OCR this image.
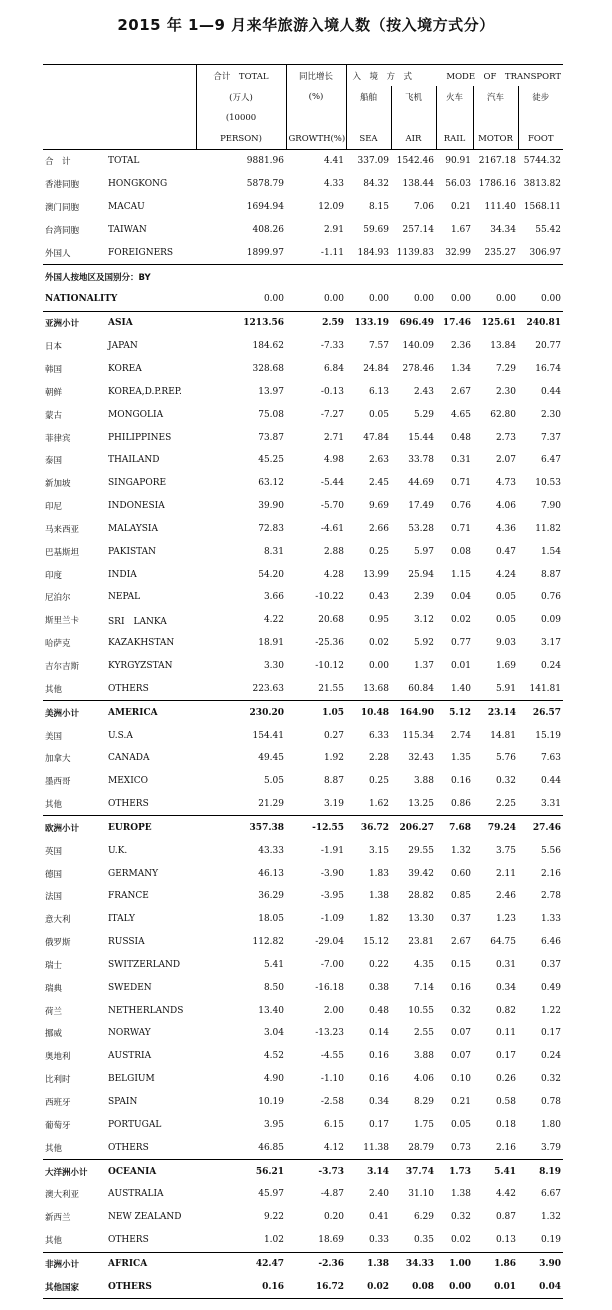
2015 年 1—9 月来华旅游入境人数（按入境方式分）
		合计　TOTAL	同比增长	入　境　方　式 MODE　OF　TRANSPORT				

		(万人)	(%)	船舶	飞机	火车	汽车	徒步
		(10000						
		PERSON)	GROWTH(%)	SEA	AIR	RAIL	MOTOR	FOOT
合　计	TOTAL	9881.96	4.41	337.09	1542.46	90.91	2167.18	5744.32
香港同胞	HONGKONG	5878.79	4.33	84.32	138.44	56.03	1786.16	3813.82
澳门同胞	MACAU	1694.94	12.09	8.15	7.06	0.21	111.40	1568.11
台湾同胞	TAIWAN	408.26	2.91	59.69	257.14	1.67	34.34	55.42
外国人	FOREIGNERS	1899.97	-1.11	184.93	1139.83	32.99	235.27	306.97
外国人按地区及国别分：BY								
NATIONALITY		0.00	0.00	0.00	0.00	0.00	0.00	0.00
亚洲小计	ASIA	1213.56	2.59	133.19	696.49	17.46	125.61	240.81
日本	JAPAN	184.62	-7.33	7.57	140.09	2.36	13.84	20.77
韩国	KOREA	328.68	6.84	24.84	278.46	1.34	7.29	16.74
朝鲜	KOREA,D.P.REP.	13.97	-0.13	6.13	2.43	2.67	2.30	0.44
蒙古	MONGOLIA	75.08	-7.27	0.05	5.29	4.65	62.80	2.30
菲律宾	PHILIPPINES	73.87	2.71	47.84	15.44	0.48	2.73	7.37
泰国	THAILAND	45.25	4.98	2.63	33.78	0.31	2.07	6.47
新加坡	SINGAPORE	63.12	-5.44	2.45	44.69	0.71	4.73	10.53
印尼	INDONESIA	39.90	-5.70	9.69	17.49	0.76	4.06	7.90
马来西亚	MALAYSIA	72.83	-4.61	2.66	53.28	0.71	4.36	11.82
巴基斯坦	PAKISTAN	8.31	2.88	0.25	5.97	0.08	0.47	1.54
印度	INDIA	54.20	4.28	13.99	25.94	1.15	4.24	8.87
尼泊尔	NEPAL	3.66	-10.22	0.43	2.39	0.04	0.05	0.76
斯里兰卡	SRI　LANKA	4.22	20.68	0.95	3.12	0.02	0.05	0.09
哈萨克	KAZAKHSTAN	18.91	-25.36	0.02	5.92	0.77	9.03	3.17
吉尔吉斯	KYRGYZSTAN	3.30	-10.12	0.00	1.37	0.01	1.69	0.24
其他	OTHERS	223.63	21.55	13.68	60.84	1.40	5.91	141.81
美洲小计	AMERICA	230.20	1.05	10.48	164.90	5.12	23.14	26.57
美国	U.S.A	154.41	0.27	6.33	115.34	2.74	14.81	15.19
加拿大	CANADA	49.45	1.92	2.28	32.43	1.35	5.76	7.63
墨西哥	MEXICO	5.05	8.87	0.25	3.88	0.16	0.32	0.44
其他	OTHERS	21.29	3.19	1.62	13.25	0.86	2.25	3.31
欧洲小计	EUROPE	357.38	-12.55	36.72	206.27	7.68	79.24	27.46
英国	U.K.	43.33	-1.91	3.15	29.55	1.32	3.75	5.56
德国	GERMANY	46.13	-3.90	1.83	39.42	0.60	2.11	2.16
法国	FRANCE	36.29	-3.95	1.38	28.82	0.85	2.46	2.78
意大利	ITALY	18.05	-1.09	1.82	13.30	0.37	1.23	1.33
俄罗斯	RUSSIA	112.82	-29.04	15.12	23.81	2.67	64.75	6.46
瑞士	SWITZERLAND	5.41	-7.00	0.22	4.35	0.15	0.31	0.37
瑞典	SWEDEN	8.50	-16.18	0.38	7.14	0.16	0.34	0.49
荷兰	NETHERLANDS	13.40	2.00	0.48	10.55	0.32	0.82	1.22
挪威	NORWAY	3.04	-13.23	0.14	2.55	0.07	0.11	0.17
奥地利	AUSTRIA	4.52	-4.55	0.16	3.88	0.07	0.17	0.24
比利时	BELGIUM	4.90	-1.10	0.16	4.06	0.10	0.26	0.32
西班牙	SPAIN	10.19	-2.58	0.34	8.29	0.21	0.58	0.78
葡萄牙	PORTUGAL	3.95	6.15	0.17	1.75	0.05	0.18	1.80
其他	OTHERS	46.85	4.12	11.38	28.79	0.73	2.16	3.79
大洋洲小计	OCEANIA	56.21	-3.73	3.14	37.74	1.73	5.41	8.19
澳大利亚	AUSTRALIA	45.97	-4.87	2.40	31.10	1.38	4.42	6.67
新西兰	NEW ZEALAND	9.22	0.20	0.41	6.29	0.32	0.87	1.32
其他	OTHERS	1.02	18.69	0.33	0.35	0.02	0.13	0.19
非洲小计	AFRICA	42.47	-2.36	1.38	34.33	1.00	1.86	3.90
其他国家	OTHERS	0.16	16.72	0.02	0.08	0.00	0.01	0.04
